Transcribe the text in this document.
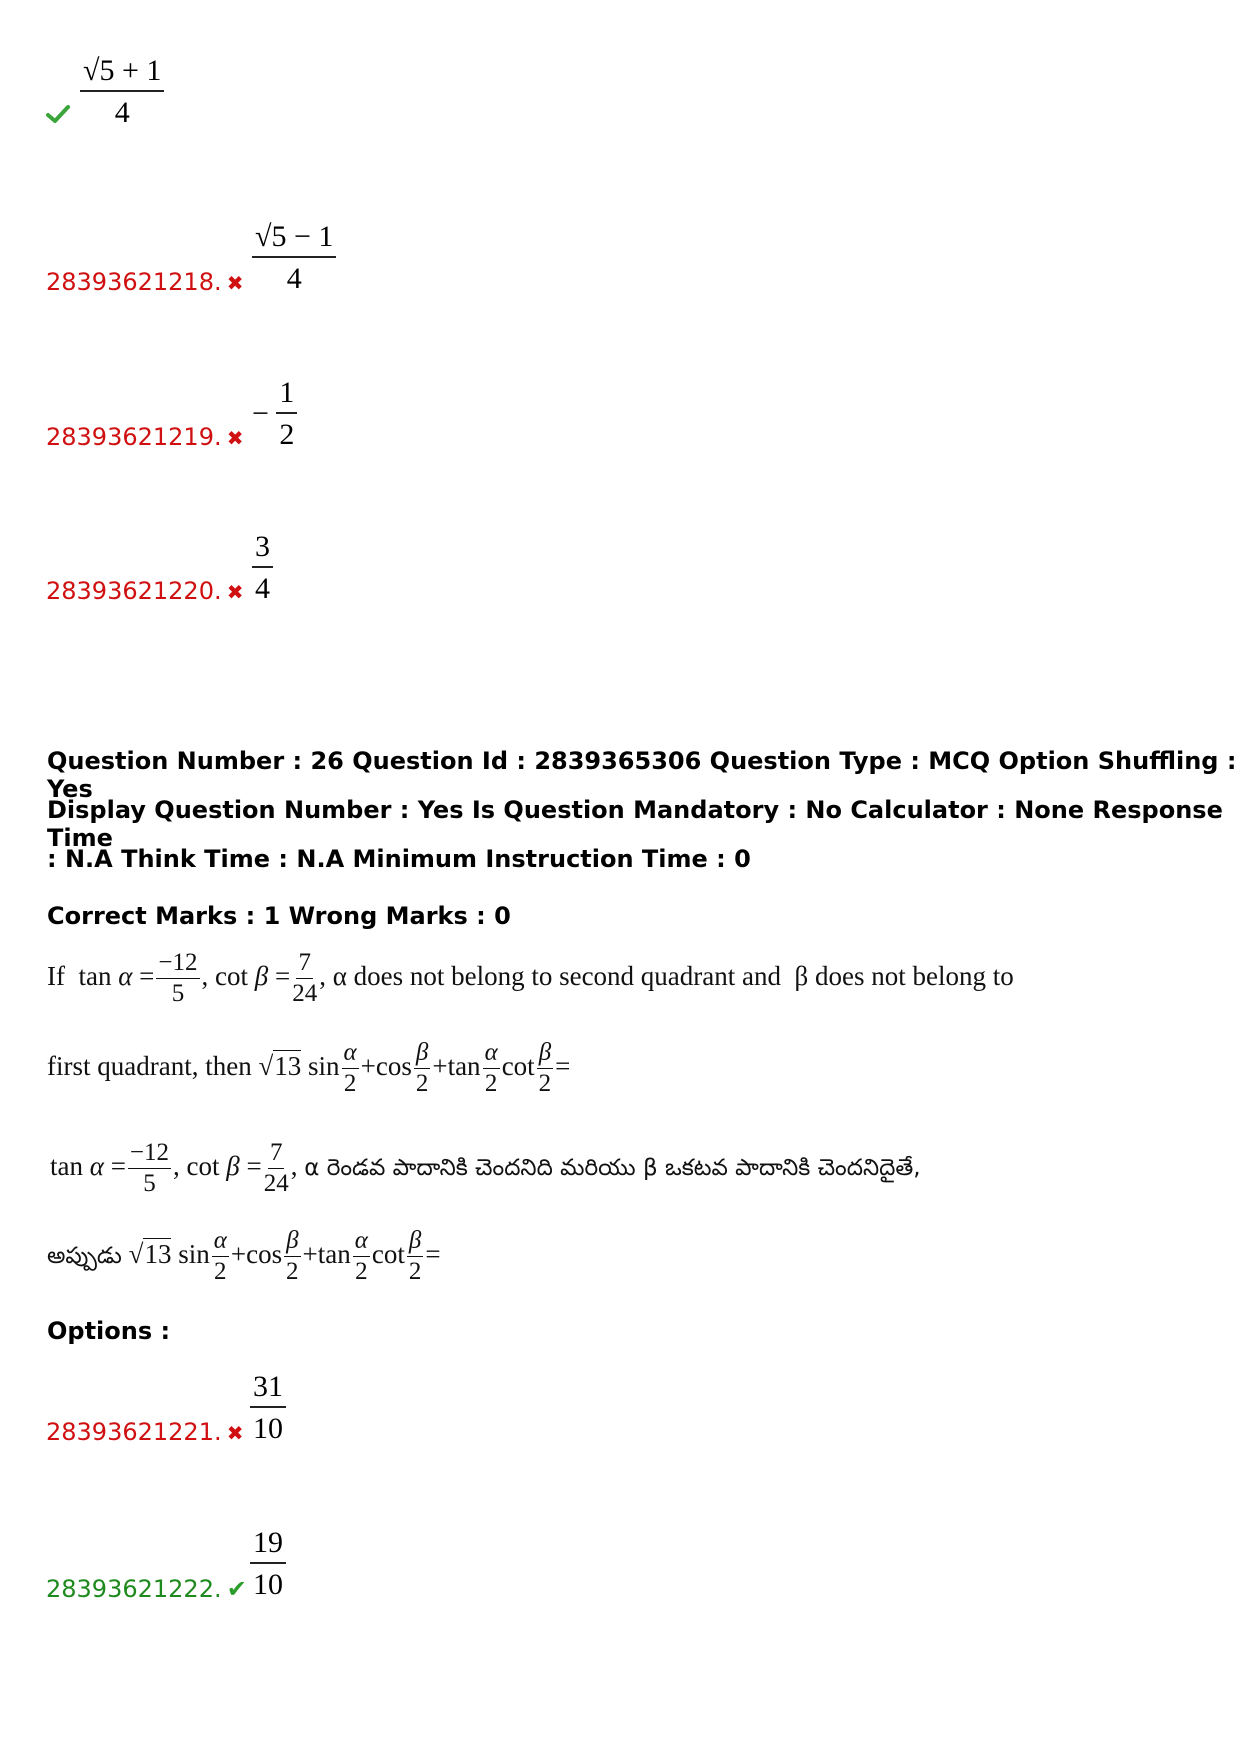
$\frac{√5 + 1}{4}$
28393621218. ✖ $\frac{√5 - 1}{4}$
28393621219. ✖
− $\frac{1}{2}$
28393621220. ✖ $\frac{3}{4}$
Question Number : 26 Question Id : 2839365306 Question Type : MCQ Option Shuffling : Yes
Display Question Number : Yes Is Question Mandatory : No Calculator : None Response Time
: N.A Think Time : N.A Minimum Instruction Time : 0
Correct Marks : 1 Wrong Marks : 0
If  $\tan \alpha = \frac{-12}{5}$ , $\cot \beta = \frac{7}{24}$ , α does not belong to second quadrant and β does not belong to
first quadrant, then √13 $\sin \frac{\alpha}{2} +\cos \frac{\beta}{2} +\tan \frac{\alpha}{2}$ $\cot \frac{\beta}{2}$ =
$\tan \alpha = \frac{-12}{5}$ , $\cot \beta = \frac{7}{24}$ , α రెండవ పాదానికి చెందనిది మరియు β ఒకటవ పాదానికి చెందనిదైతే,
అప్పుడు √13 $\sin \frac{\alpha}{2} +\cos \frac{\beta}{2} +\tan \frac{\alpha}{2}$ $\cot \frac{\beta}{2}$ =
Options :
28393621221. ✖ $\frac{31}{10}$
28393621222. ✔ $\frac{19}{10}$
